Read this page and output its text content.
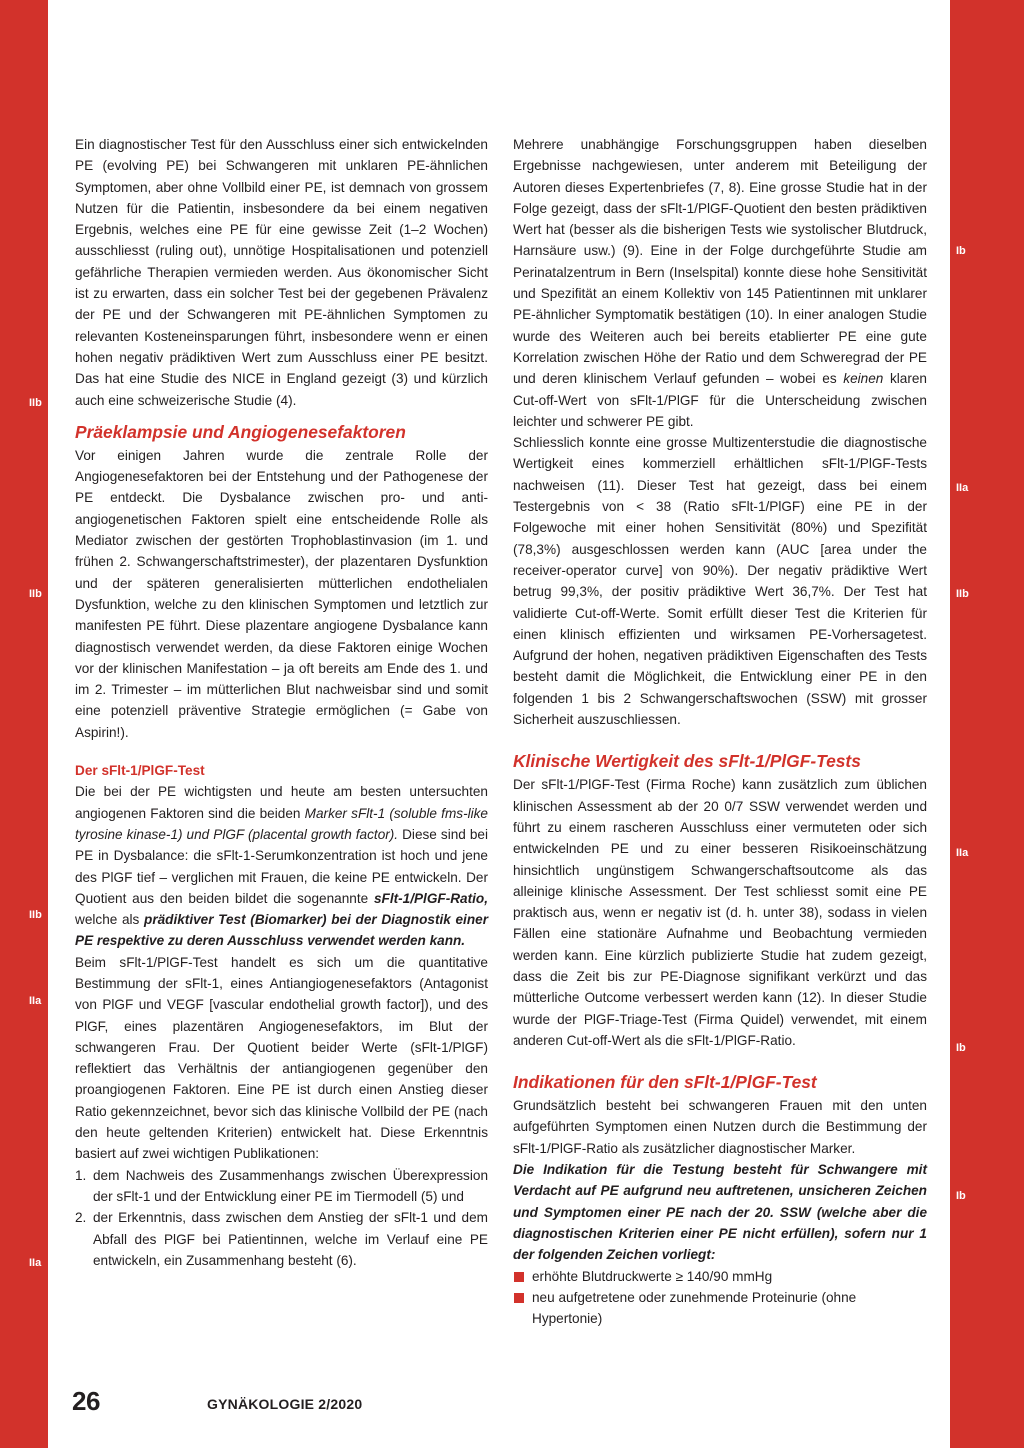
IIb
IIb
IIb
IIa
IIa
Ib
IIa
IIb
IIa
Ib
Ib

Ein diagnostischer Test für den Ausschluss einer sich entwickelnden PE (evolving PE) bei Schwangeren mit unklaren PE-ähnlichen Symptomen, aber ohne Vollbild einer PE, ist demnach von grossem Nutzen für die Patientin, insbesondere da bei einem negativen Ergebnis, welches eine PE für eine gewisse Zeit (1–2 Wochen) ausschliesst (ruling out), unnötige Hospitalisationen und potenziell gefährliche Therapien vermieden werden. Aus ökonomischer Sicht ist zu erwarten, dass ein solcher Test bei der gegebenen Prävalenz der PE und der Schwangeren mit PE-ähnlichen Symptomen zu relevanten Kosteneinsparungen führt, insbesondere wenn er einen hohen negativ prädiktiven Wert zum Ausschluss einer PE besitzt. Das hat eine Studie des NICE in England gezeigt (3) und kürzlich auch eine schweizerische Studie (4).

Präeklampsie und Angiogenesefaktoren

Vor einigen Jahren wurde die zentrale Rolle der Angiogenesefaktoren bei der Entstehung und der Pathogenese der PE entdeckt. Die Dysbalance zwischen pro- und anti-angiogenetischen Faktoren spielt eine entscheidende Rolle als Mediator zwischen der gestörten Trophoblastinvasion (im 1. und frühen 2. Schwangerschaftstrimester), der plazentaren Dysfunktion und der späteren generalisierten mütterlichen endothelialen Dysfunktion, welche zu den klinischen Symptomen und letztlich zur manifesten PE führt. Diese plazentare angiogene Dysbalance kann diagnostisch verwendet werden, da diese Faktoren einige Wochen vor der klinischen Manifestation – ja oft bereits am Ende des 1. und im 2. Trimester – im mütterlichen Blut nachweisbar sind und somit eine potenziell präventive Strategie ermöglichen (= Gabe von Aspirin!).

Der sFlt-1/PlGF-Test

Die bei der PE wichtigsten und heute am besten untersuchten angiogenen Faktoren sind die beiden Marker sFlt-1 (soluble fms-like tyrosine kinase-1) und PlGF (placental growth factor). Diese sind bei PE in Dysbalance: die sFlt-1-Serumkonzentration ist hoch und jene des PlGF tief – verglichen mit Frauen, die keine PE entwickeln. Der Quotient aus den beiden bildet die sogenannte sFlt-1/PlGF-Ratio, welche als prädiktiver Test (Biomarker) bei der Diagnostik einer PE respektive zu deren Ausschluss verwendet werden kann.

Beim sFlt-1/PlGF-Test handelt es sich um die quantitative Bestimmung der sFlt-1, eines Antiangiogenesefaktors (Antagonist von PlGF und VEGF [vascular endothelial growth factor]), und des PlGF, eines plazentären Angiogenesefaktors, im Blut der schwangeren Frau. Der Quotient beider Werte (sFlt-1/PlGF) reflektiert das Verhältnis der antiangiogenen gegenüber den proangiogenen Faktoren. Eine PE ist durch einen Anstieg dieser Ratio gekennzeichnet, bevor sich das klinische Vollbild der PE (nach den heute geltenden Kriterien) entwickelt hat. Diese Erkenntnis basiert auf zwei wichtigen Publikationen:

1. dem Nachweis des Zusammenhangs zwischen Überexpression der sFlt-1 und der Entwicklung einer PE im Tiermodell (5) und
2. der Erkenntnis, dass zwischen dem Anstieg der sFlt-1 und dem Abfall des PlGF bei Patientinnen, welche im Verlauf eine PE entwickeln, ein Zusammenhang besteht (6).

Mehrere unabhängige Forschungsgruppen haben dieselben Ergebnisse nachgewiesen, unter anderem mit Beteiligung der Autoren dieses Expertenbriefes (7, 8). Eine grosse Studie hat in der Folge gezeigt, dass der sFlt-1/PlGF-Quotient den besten prädiktiven Wert hat (besser als die bisherigen Tests wie systolischer Blutdruck, Harnsäure usw.) (9). Eine in der Folge durchgeführte Studie am Perinatalzentrum in Bern (Inselspital) konnte diese hohe Sensitivität und Spezifität an einem Kollektiv von 145 Patientinnen mit unklarer PE-ähnlicher Symptomatik bestätigen (10). In einer analogen Studie wurde des Weiteren auch bei bereits etablierter PE eine gute Korrelation zwischen Höhe der Ratio und dem Schweregrad der PE und deren klinischem Verlauf gefunden – wobei es keinen klaren Cut-off-Wert von sFlt-1/PlGF für die Unterscheidung zwischen leichter und schwerer PE gibt.

Schliesslich konnte eine grosse Multizenterstudie die diagnostische Wertigkeit eines kommerziell erhältlichen sFlt-1/PlGF-Tests nachweisen (11). Dieser Test hat gezeigt, dass bei einem Testergebnis von < 38 (Ratio sFlt-1/PlGF) eine PE in der Folgewoche mit einer hohen Sensitivität (80%) und Spezifität (78,3%) ausgeschlossen werden kann (AUC [area under the receiver-operator curve] von 90%). Der negativ prädiktive Wert betrug 99,3%, der positiv prädiktive Wert 36,7%. Der Test hat validierte Cut-off-Werte. Somit erfüllt dieser Test die Kriterien für einen klinisch effizienten und wirksamen PE-Vorhersagetest. Aufgrund der hohen, negativen prädiktiven Eigenschaften des Tests besteht damit die Möglichkeit, die Entwicklung einer PE in den folgenden 1 bis 2 Schwangerschaftswochen (SSW) mit grosser Sicherheit auszuschliessen.

Klinische Wertigkeit des sFlt-1/PlGF-Tests

Der sFlt-1/PlGF-Test (Firma Roche) kann zusätzlich zum üblichen klinischen Assessment ab der 20 0/7 SSW verwendet werden und führt zu einem rascheren Ausschluss einer vermuteten oder sich entwickelnden PE und zu einer besseren Risikoeinschätzung hinsichtlich ungünstigem Schwangerschaftsoutcome als das alleinige klinische Assessment. Der Test schliesst somit eine PE praktisch aus, wenn er negativ ist (d. h. unter 38), sodass in vielen Fällen eine stationäre Aufnahme und Beobachtung vermieden werden kann. Eine kürzlich publizierte Studie hat zudem gezeigt, dass die Zeit bis zur PE-Diagnose signifikant verkürzt und das mütterliche Outcome verbessert werden kann (12). In dieser Studie wurde der PlGF-Triage-Test (Firma Quidel) verwendet, mit einem anderen Cut-off-Wert als die sFlt-1/PlGF-Ratio.

Indikationen für den sFlt-1/PlGF-Test

Grundsätzlich besteht bei schwangeren Frauen mit den unten aufgeführten Symptomen einen Nutzen durch die Bestimmung der sFlt-1/PlGF-Ratio als zusätzlicher diagnostischer Marker.

Die Indikation für die Testung besteht für Schwangere mit Verdacht auf PE aufgrund neu auftretenen, unsicheren Zeichen und Symptomen einer PE nach der 20. SSW (welche aber die diagnostischen Kriterien einer PE nicht erfüllen), sofern nur 1 der folgenden Zeichen vorliegt:

erhöhte Blutdruckwerte ≥ 140/90 mmHg
neu aufgetretene oder zunehmende Proteinurie (ohne Hypertonie)
26	GYNÄKOLOGIE 2/2020
